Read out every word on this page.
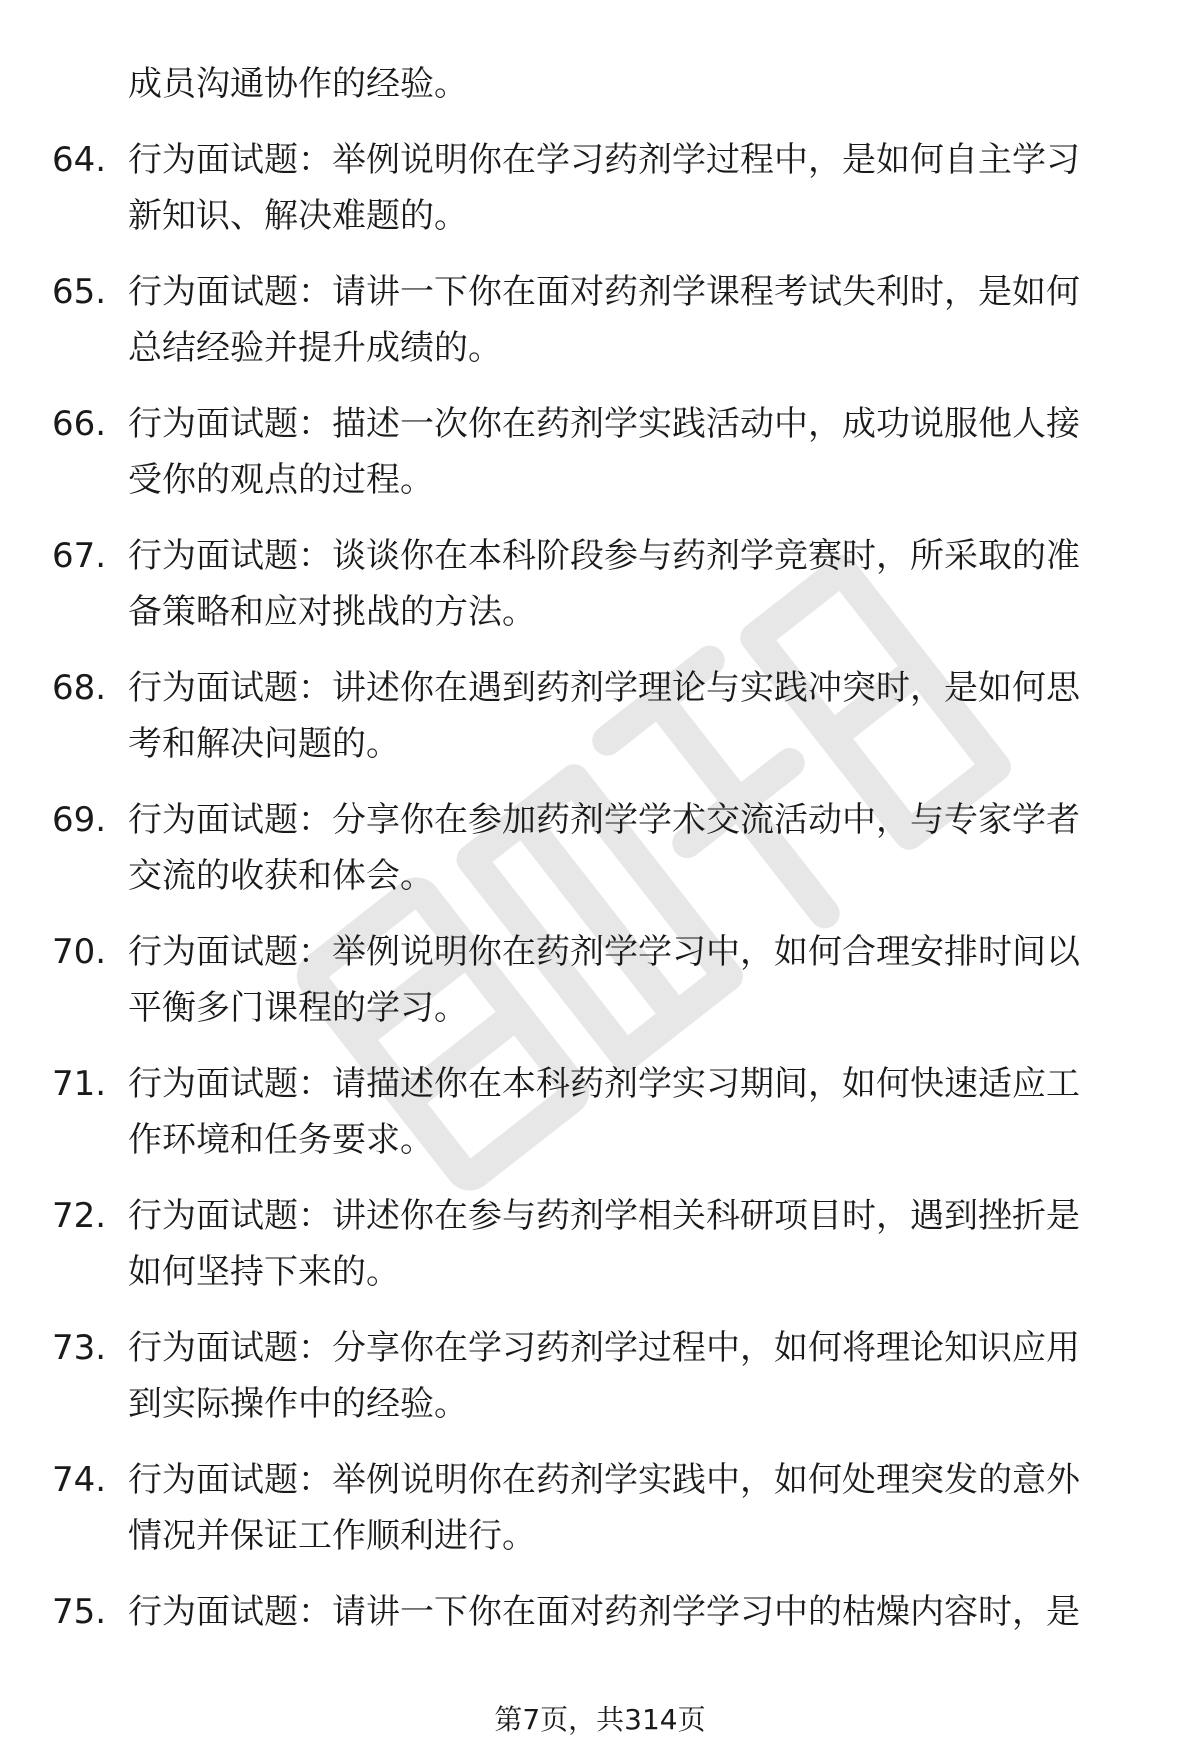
成员沟通协作的经验。
64. 行为面试题：举例说明你在学习药剂学过程中，是如何自主学习
新知识、解决难题的。
65. 行为面试题：请讲一下你在面对药剂学课程考试失利时，是如何
总结经验并提升成绩的。
66. 行为面试题：描述一次你在药剂学实践活动中，成功说服他人接
受你的观点的过程。
67. 行为面试题：谈谈你在本科阶段参与药剂学竞赛时，所采取的准
备策略和应对挑战的方法。
68. 行为面试题：讲述你在遇到药剂学理论与实践冲突时，是如何思
考和解决问题的。
69. 行为面试题：分享你在参加药剂学学术交流活动中，与专家学者
交流的收获和体会。
70. 行为面试题：举例说明你在药剂学学习中，如何合理安排时间以
平衡多门课程的学习。
71. 行为面试题：请描述你在本科药剂学实习期间，如何快速适应工
作环境和任务要求。
72. 行为面试题：讲述你在参与药剂学相关科研项目时，遇到挫折是
如何坚持下来的。
73. 行为面试题：分享你在学习药剂学过程中，如何将理论知识应用
到实际操作中的经验。
74. 行为面试题：举例说明你在药剂学实践中，如何处理突发的意外
情况并保证工作顺利进行。
75. 行为面试题：请讲一下你在面对药剂学学习中的枯燥内容时，是
第7页，共314页
